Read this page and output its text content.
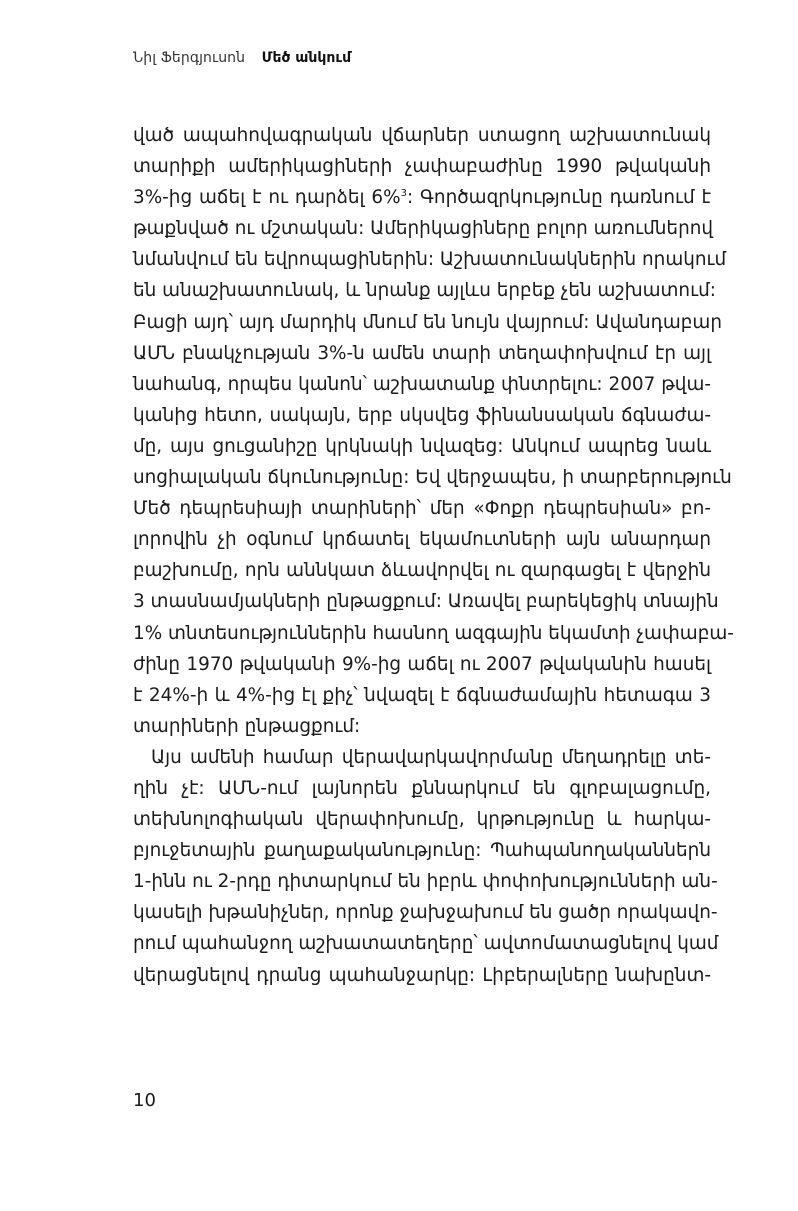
Նիլ Ֆերգյուսոն Մեծ անկում
ված ապահովագրական վճարներ ստացող աշխատունակ
տարիքի ամերիկացիների չափաբաժինը 1990 թվականի
3%-ից աճել է ու դարձել 6%$^3$: Գործազրկությունը դառնում է
թաքնված ու մշտական: Ամերիկացիները բոլոր առումներով
նմանվում են եվրոպացիներին: Աշխատունակներին որակում
են անաշխատունակ, և նրանք այլևս երբեք չեն աշխատում:
Բացի այդ՝ այդ մարդիկ մնում են նույն վայրում: Ավանդաբար
ԱՄՆ բնակչության 3%-ն ամեն տարի տեղափոխվում էր այլ
նահանգ, որպես կանոն՝ աշխատանք փնտրելու: 2007 թվա-
կանից հետո, սակայն, երբ սկսվեց ֆինանսական ճգնաժա-
մը, այս ցուցանիշը կրկնակի նվազեց: Անկում ապրեց նաև
սոցիալական ճկունությունը: Եվ վերջապես, ի տարբերություն
Մեծ դեպրեսիայի տարիների՝ մեր «Փոքր դեպրեսիան» բո-
լորովին չի օգնում կրճատել եկամուտների այն անարդար
բաշխումը, որն աննկատ ձևավորվել ու զարգացել է վերջին
3 տասնամյակների ընթացքում: Առավել բարեկեցիկ տնային
1% տնտեսություններին հասնող ազգային եկամտի չափաբա-
ժինը 1970 թվականի 9%-ից աճել ու 2007 թվականին հասել
է 24%-ի և 4%-ից էլ քիչ՝ նվազել է ճգնաժամային հետագա 3
տարիների ընթացքում:
Այս ամենի համար վերավարկավորմանը մեղադրելը տե-
ղին չէ: ԱՄՆ-ում լայնորեն քննարկում են գլոբալացումը,
տեխնոլոգիական վերափոխումը, կրթությունը և հարկա-
բյուջետային քաղաքականությունը: Պահպանողականներն
1-ինն ու 2-րդը դիտարկում են իբրև փոփոխությունների ան-
կասելի խթանիչներ, որոնք ջախջախում են ցածր որակավո-
րում պահանջող աշխատատեղերը՝ ավտոմատացնելով կամ
վերացնելով դրանց պահանջարկը: Լիբերալները նախընտ-
10
